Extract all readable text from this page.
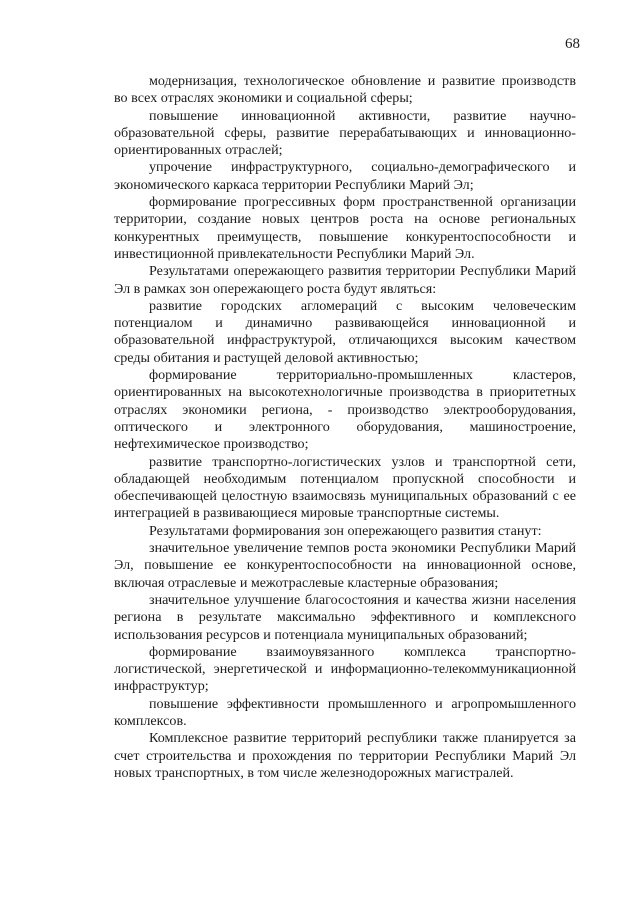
68

модернизация, технологическое обновление и развитие производств во всех отраслях экономики и социальной сферы;

повышение инновационной активности, развитие научно-образовательной сферы, развитие перерабатывающих и инновационно-ориентированных отраслей;

упрочение инфраструктурного, социально-демографического и экономического каркаса территории Республики Марий Эл;

формирование прогрессивных форм пространственной организации территории, создание новых центров роста на основе региональных конкурентных преимуществ, повышение конкурентоспособности и инвестиционной привлекательности Республики Марий Эл.

Результатами опережающего развития территории Республики Марий Эл в рамках зон опережающего роста будут являться:

развитие городских агломераций с высоким человеческим потенциалом и динамично развивающейся инновационной и образовательной инфраструктурой, отличающихся высоким качеством среды обитания и растущей деловой активностью;

формирование территориально-промышленных кластеров, ориентированных на высокотехнологичные производства в приоритетных отраслях экономики региона, - производство электрооборудования, оптического и электронного оборудования, машиностроение, нефтехимическое производство;

развитие транспортно-логистических узлов и транспортной сети, обладающей необходимым потенциалом пропускной способности и обеспечивающей целостную взаимосвязь муниципальных образований с ее интеграцией в развивающиеся мировые транспортные системы.

Результатами формирования зон опережающего развития станут:

значительное увеличение темпов роста экономики Республики Марий Эл, повышение ее конкурентоспособности на инновационной основе, включая отраслевые и межотраслевые кластерные образования;

значительное улучшение благосостояния и качества жизни населения региона в результате максимально эффективного и комплексного использования ресурсов и потенциала муниципальных образований;

формирование взаимоувязанного комплекса транспортно-логистической, энергетической и информационно-телекоммуникационной инфраструктур;

повышение эффективности промышленного и агропромышленного комплексов.

Комплексное развитие территорий республики также планируется за счет строительства и прохождения по территории Республики Марий Эл новых транспортных, в том числе железнодорожных магистралей.
